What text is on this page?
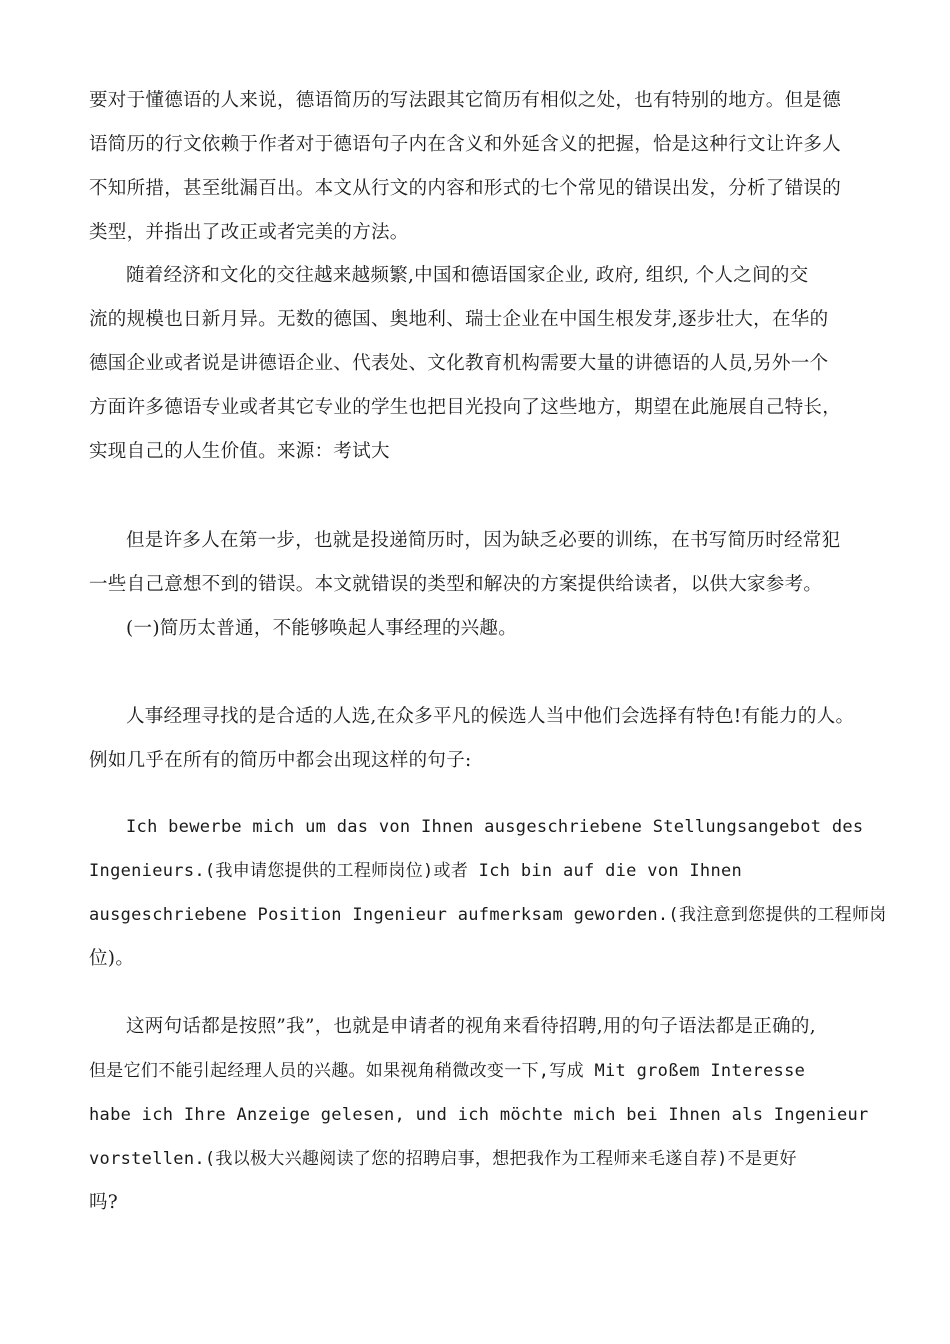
要对于懂德语的人来说，德语简历的写法跟其它简历有相似之处，也有特别的地方。但是德
语简历的行文依赖于作者对于德语句子内在含义和外延含义的把握，恰是这种行文让许多人
不知所措，甚至纰漏百出。本文从行文的内容和形式的七个常见的错误出发，分析了错误的
类型，并指出了改正或者完美的方法。
随着经济和文化的交往越来越频繁,中国和德语国家企业, 政府, 组织, 个人之间的交
流的规模也日新月异。无数的德国、奥地利、瑞士企业在中国生根发芽,逐步壮大，在华的
德国企业或者说是讲德语企业、代表处、文化教育机构需要大量的讲德语的人员,另外一个
方面许多德语专业或者其它专业的学生也把目光投向了这些地方，期望在此施展自己特长，
实现自己的人生价值。来源：考试大
但是许多人在第一步，也就是投递简历时，因为缺乏必要的训练，在书写简历时经常犯
一些自己意想不到的错误。本文就错误的类型和解决的方案提供给读者，以供大家参考。
(一)简历太普通，不能够唤起人事经理的兴趣。
人事经理寻找的是合适的人选,在众多平凡的候选人当中他们会选择有特色!有能力的人。
例如几乎在所有的简历中都会出现这样的句子:
Ich bewerbe mich um das von Ihnen ausgeschriebene Stellungsangebot des
Ingenieurs.(我申请您提供的工程师岗位)或者 Ich bin auf die von Ihnen
ausgeschriebene Position Ingenieur aufmerksam geworden.(我注意到您提供的工程师岗
位)。
这两句话都是按照”我”，也就是申请者的视角来看待招聘,用的句子语法都是正确的,
但是它们不能引起经理人员的兴趣。如果视角稍微改变一下,写成 Mit großem Interesse
habe ich Ihre Anzeige gelesen, und ich möchte mich bei Ihnen als Ingenieur
vorstellen.(我以极大兴趣阅读了您的招聘启事，想把我作为工程师来毛遂自荐)不是更好
吗?
